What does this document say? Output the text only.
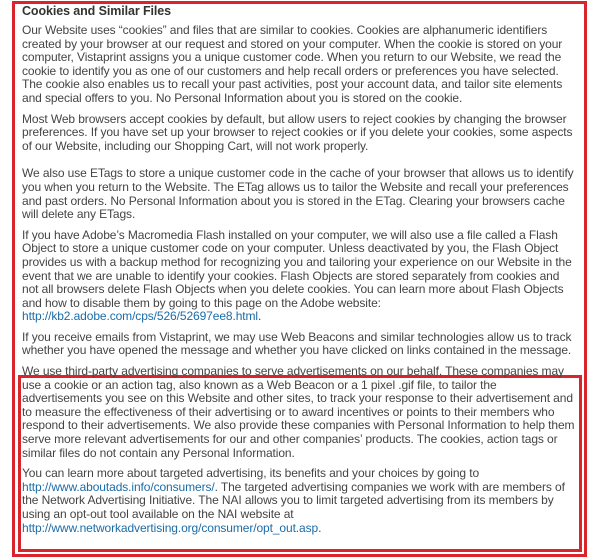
Cookies and Similar Files

Our Website uses “cookies” and files that are similar to cookies. Cookies are alphanumeric identifiers created by your browser at our request and stored on your computer. When the cookie is stored on your computer, Vistaprint assigns you a unique customer code. When you return to our Website, we read the cookie to identify you as one of our customers and help recall orders or preferences you have selected. The cookie also enables us to recall your past activities, post your account data, and tailor site elements and special offers to you. No Personal Information about you is stored on the cookie.

Most Web browsers accept cookies by default, but allow users to reject cookies by changing the browser preferences. If you have set up your browser to reject cookies or if you delete your cookies, some aspects of our Website, including our Shopping Cart, will not work properly.

We also use ETags to store a unique customer code in the cache of your browser that allows us to identify you when you return to the Website. The ETag allows us to tailor the Website and recall your preferences and past orders. No Personal Information about you is stored in the ETag. Clearing your browsers cache will delete any ETags.

If you have Adobe’s Macromedia Flash installed on your computer, we will also use a file called a Flash Object to store a unique customer code on your computer. Unless deactivated by you, the Flash Object provides us with a backup method for recognizing you and tailoring your experience on our Website in the event that we are unable to identify your cookies. Flash Objects are stored separately from cookies and not all browsers delete Flash Objects when you delete cookies. You can learn more about Flash Objects and how to disable them by going to this page on the Adobe website: http://kb2.adobe.com/cps/526/52697ee8.html.

If you receive emails from Vistaprint, we may use Web Beacons and similar technologies allow us to track whether you have opened the message and whether you have clicked on links contained in the message.

We use third-party advertising companies to serve advertisements on our behalf. These companies may use a cookie or an action tag, also known as a Web Beacon or a 1 pixel .gif file, to tailor the advertisements you see on this Website and other sites, to track your response to their advertisement and to measure the effectiveness of their advertising or to award incentives or points to their members who respond to their advertisements. We also provide these companies with Personal Information to help them serve more relevant advertisements for our and other companies’ products. The cookies, action tags or similar files do not contain any Personal Information.

You can learn more about targeted advertising, its benefits and your choices by going to http://www.aboutads.info/consumers/. The targeted advertising companies we work with are members of the Network Advertising Initiative. The NAI allows you to limit targeted advertising from its members by using an opt-out tool available on the NAI website at http://www.networkadvertising.org/consumer/opt_out.asp.
